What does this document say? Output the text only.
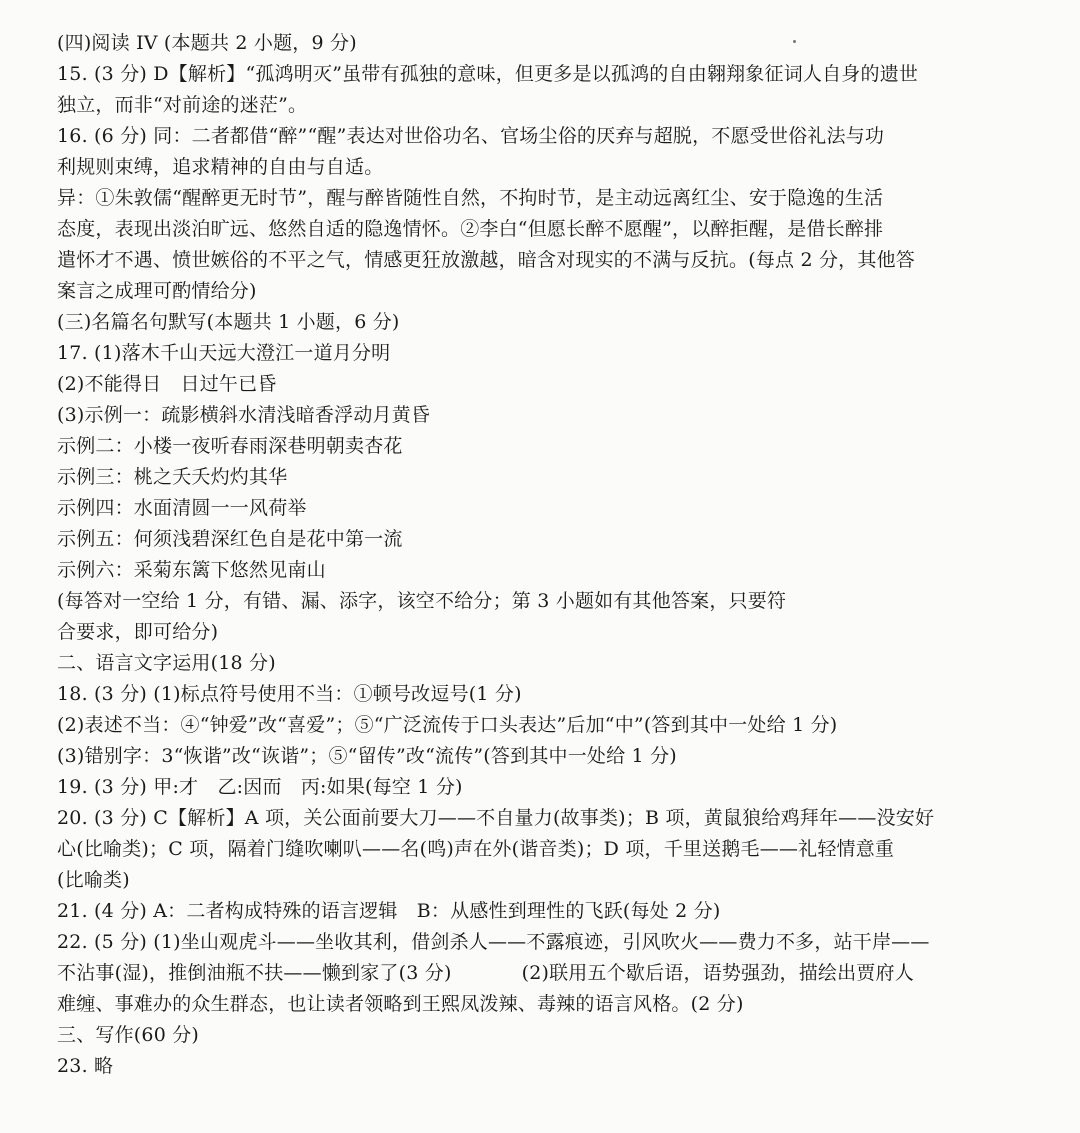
(四)阅读 IV (本题共 2 小题，9 分)
15. (3 分) D【解析】“孤鸿明灭”虽带有孤独的意味，但更多是以孤鸿的自由翱翔象征词人自身的遗世
独立，而非“对前途的迷茫”。
16. (6 分) 同：二者都借“醉”“醒”表达对世俗功名、官场尘俗的厌弃与超脱，不愿受世俗礼法与功
利规则束缚，追求精神的自由与自适。
异：①朱敦儒“醒醉更无时节”，醒与醉皆随性自然，不拘时节，是主动远离红尘、安于隐逸的生活
态度，表现出淡泊旷远、悠然自适的隐逸情怀。②李白“但愿长醉不愿醒”，以醉拒醒，是借长醉排
遣怀才不遇、愤世嫉俗的不平之气，情感更狂放激越，暗含对现实的不满与反抗。(每点 2 分，其他答
案言之成理可酌情给分)
(三)名篇名句默写(本题共 1 小题，6 分)
17. (1)落木千山天远大澄江一道月分明
(2)不能得日　日过午已昏
(3)示例一：疏影横斜水清浅暗香浮动月黄昏
示例二：小楼一夜听春雨深巷明朝卖杏花
示例三：桃之夭夭灼灼其华
示例四：水面清圆一一风荷举
示例五：何须浅碧深红色自是花中第一流
示例六：采菊东篱下悠然见南山
(每答对一空给 1 分，有错、漏、添字，该空不给分；第 3 小题如有其他答案，只要符
合要求，即可给分)
二、语言文字运用(18 分)
18. (3 分) (1)标点符号使用不当：①顿号改逗号(1 分)
(2)表述不当：④“钟爱”改“喜爱”；⑤“广泛流传于口头表达”后加“中”(答到其中一处给 1 分)
(3)错别字：3“恢谐”改“诙谐”；⑤“留传”改“流传”(答到其中一处给 1 分)
19. (3 分) 甲:才　乙:因而　丙:如果(每空 1 分)
20. (3 分) C【解析】A 项，关公面前要大刀——不自量力(故事类)；B 项，黄鼠狼给鸡拜年——没安好
心(比喻类)；C 项，隔着门缝吹喇叭——名(鸣)声在外(谐音类)；D 项，千里送鹅毛——礼轻情意重
(比喻类)
21. (4 分) A：二者构成特殊的语言逻辑　B：从感性到理性的飞跃(每处 2 分)
22. (5 分) (1)坐山观虎斗——坐收其利，借剑杀人——不露痕迹，引风吹火——费力不多，站干岸——
不沾事(湿)，推倒油瓶不扶——懒到家了(3 分)	(2)联用五个歇后语，语势强劲，描绘出贾府人
难缠、事难办的众生群态，也让读者领略到王熙凤泼辣、毒辣的语言风格。(2 分)
三、写作(60 分)
23. 略
